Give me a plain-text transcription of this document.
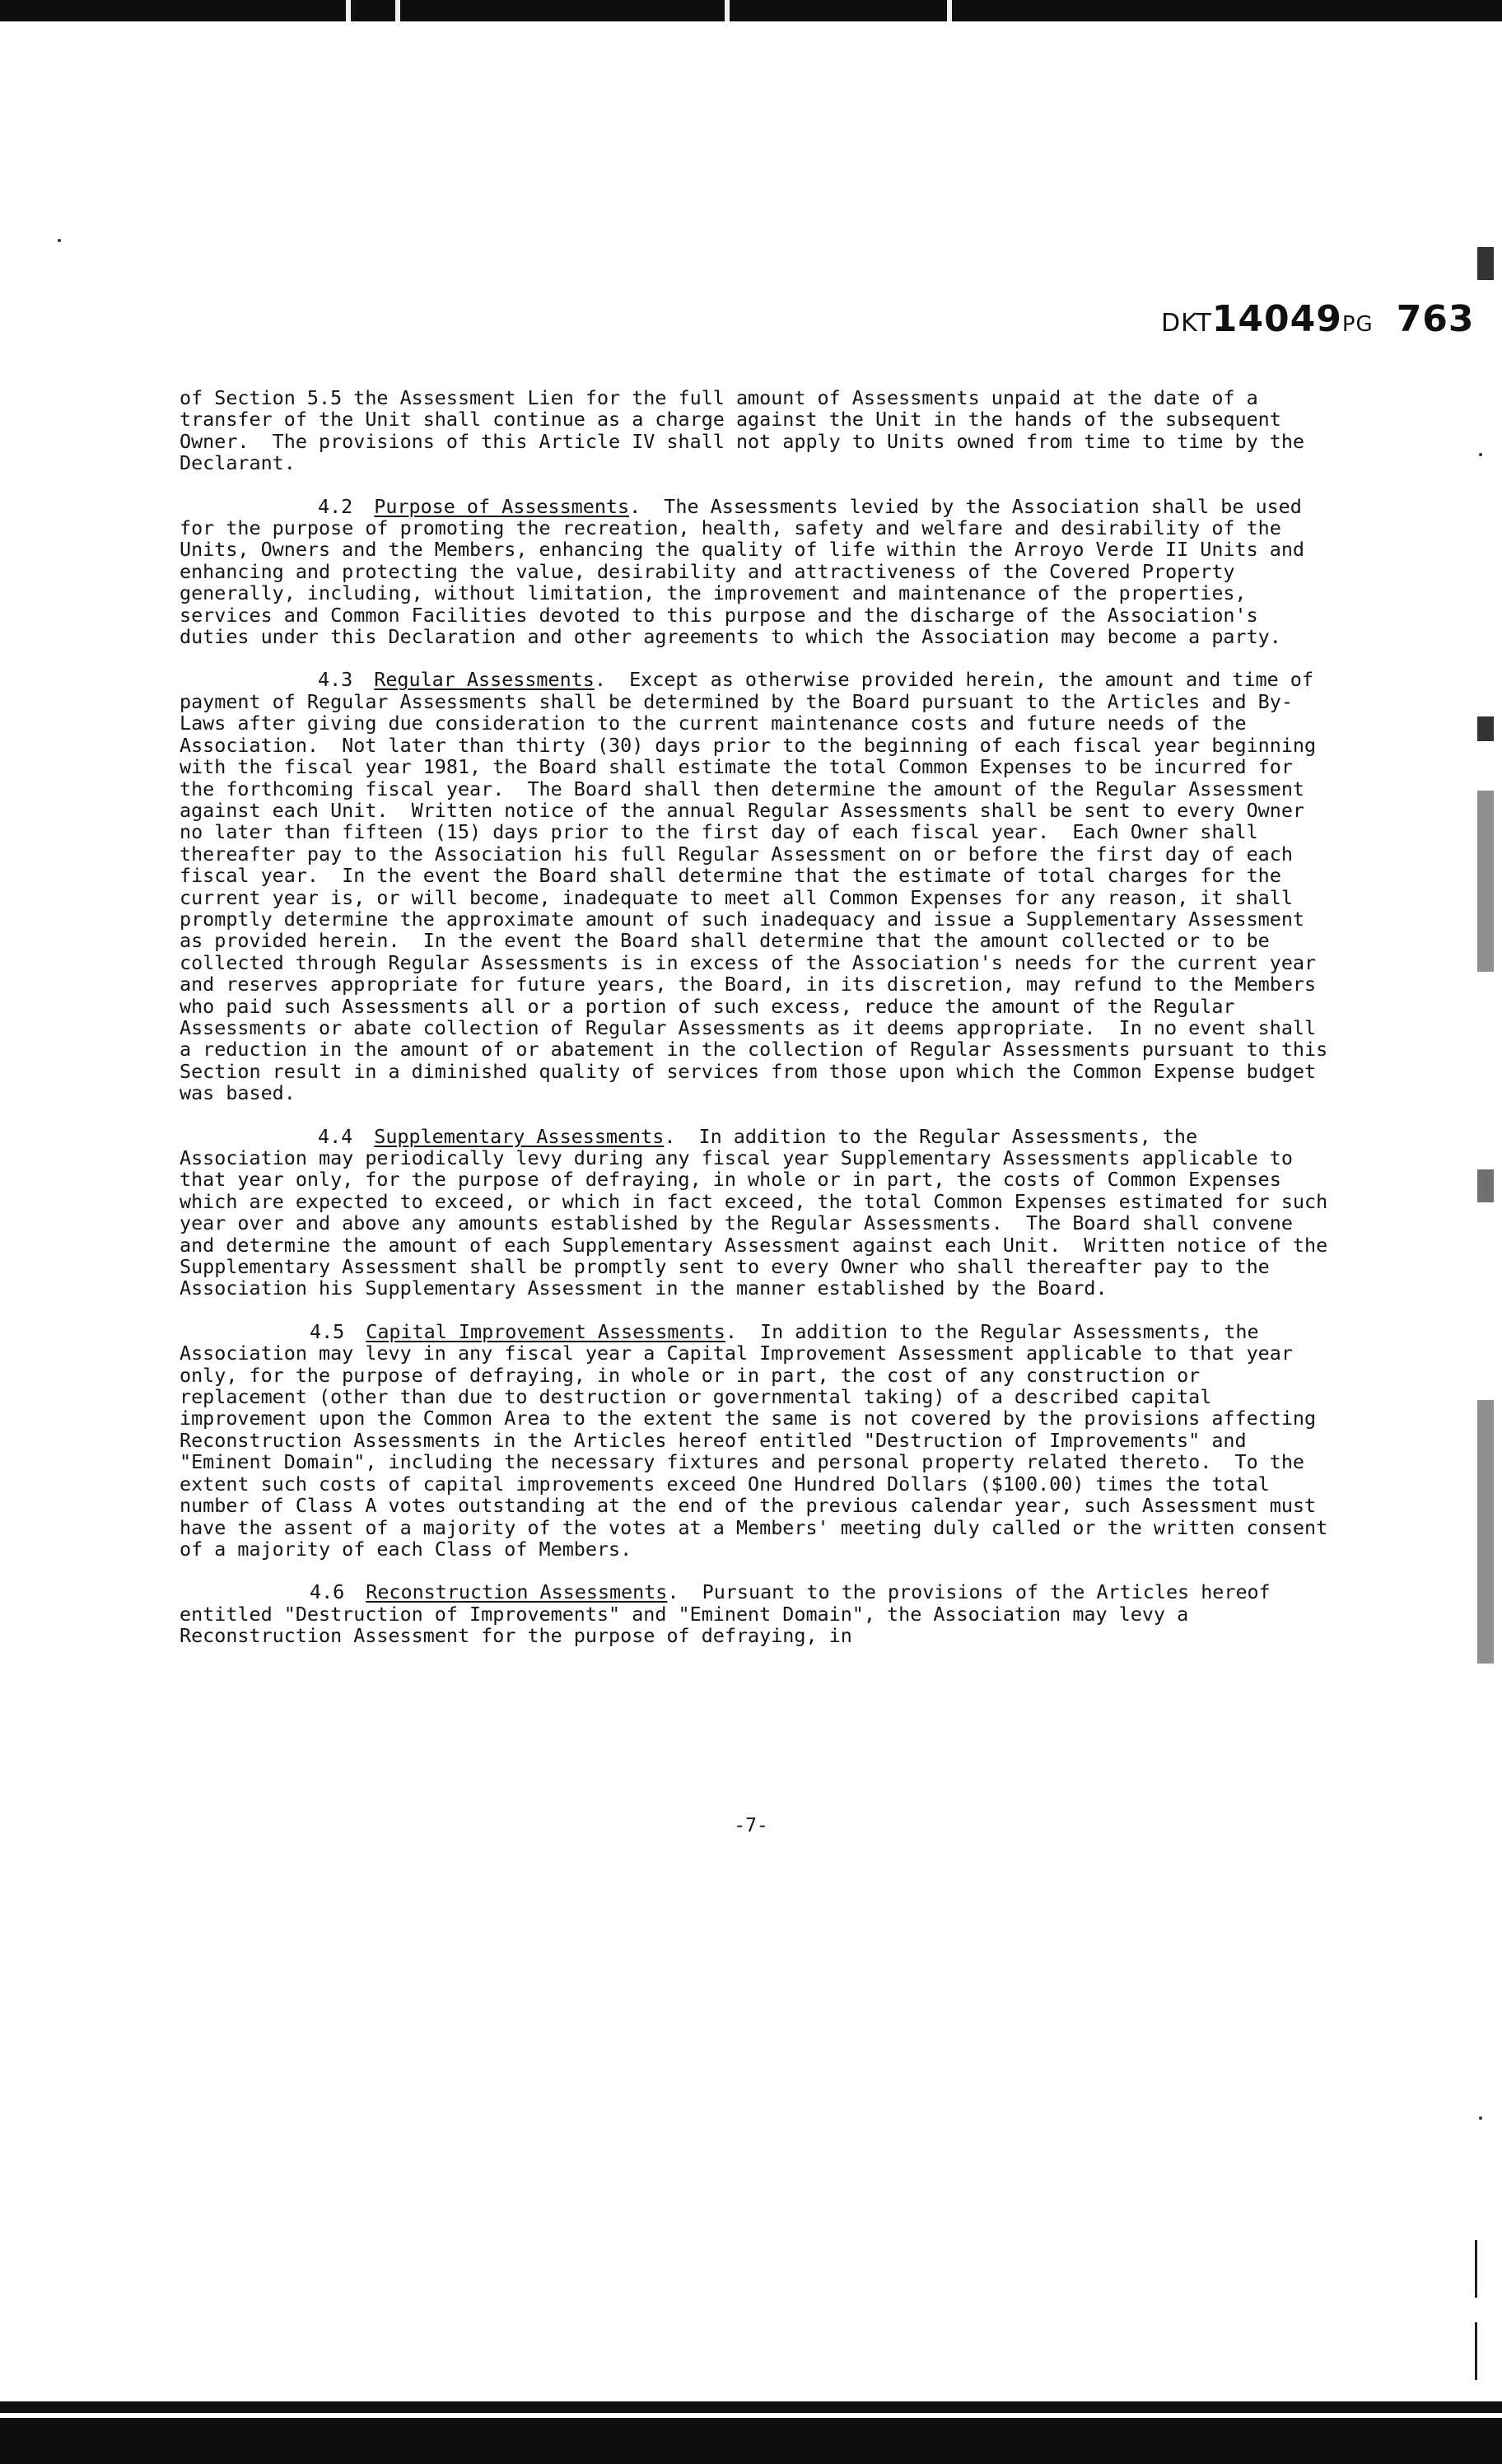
DKT14049PG 763

of Section 5.5 the Assessment Lien for the full amount of Assessments unpaid at the date of a transfer of the Unit shall continue as a charge against the Unit in the hands of the subsequent Owner.  The provisions of this Article IV shall not apply to Units owned from time to time by the Declarant.

4.2 Purpose of Assessments.  The Assessments levied by the Association shall be used for the purpose of promoting the recreation, health, safety and welfare and desirability of the Units, Owners and the Members, enhancing the quality of life within the Arroyo Verde II Units and enhancing and protecting the value, desirability and attractiveness of the Covered Property generally, including, without limitation, the improvement and maintenance of the properties, services and Common Facilities devoted to this purpose and the discharge of the Association's duties under this Declaration and other agreements to which the Association may become a party.

4.3 Regular Assessments.  Except as otherwise provided herein, the amount and time of payment of Regular Assessments shall be determined by the Board pursuant to the Articles and By-Laws after giving due consideration to the current maintenance costs and future needs of the Association.  Not later than thirty (30) days prior to the beginning of each fiscal year beginning with the fiscal year 1981, the Board shall estimate the total Common Expenses to be incurred for the forthcoming fiscal year.  The Board shall then determine the amount of the Regular Assessment against each Unit.  Written notice of the annual Regular Assessments shall be sent to every Owner no later than fifteen (15) days prior to the first day of each fiscal year.  Each Owner shall thereafter pay to the Association his full Regular Assessment on or before the first day of each fiscal year.  In the event the Board shall determine that the estimate of total charges for the current year is, or will become, inadequate to meet all Common Expenses for any reason, it shall promptly determine the approximate amount of such inadequacy and issue a Supplementary Assessment as provided herein.  In the event the Board shall determine that the amount collected or to be collected through Regular Assessments is in excess of the Association's needs for the current year and reserves appropriate for future years, the Board, in its discretion, may refund to the Members who paid such Assessments all or a portion of such excess, reduce the amount of the Regular Assessments or abate collection of Regular Assessments as it deems appropriate.  In no event shall a reduction in the amount of or abatement in the collection of Regular Assessments pursuant to this Section result in a diminished quality of services from those upon which the Common Expense budget was based.

4.4 Supplementary Assessments.  In addition to the Regular Assessments, the Association may periodically levy during any fiscal year Supplementary Assessments applicable to that year only, for the purpose of defraying, in whole or in part, the costs of Common Expenses which are expected to exceed, or which in fact exceed, the total Common Expenses estimated for such year over and above any amounts established by the Regular Assessments.  The Board shall convene and determine the amount of each Supplementary Assessment against each Unit.  Written notice of the Supplementary Assessment shall be promptly sent to every Owner who shall thereafter pay to the Association his Supplementary Assessment in the manner established by the Board.

4.5 Capital Improvement Assessments.  In addition to the Regular Assessments, the Association may levy in any fiscal year a Capital Improvement Assessment applicable to that year only, for the purpose of defraying, in whole or in part, the cost of any construction or replacement (other than due to destruction or governmental taking) of a described capital improvement upon the Common Area to the extent the same is not covered by the provisions affecting Reconstruction Assessments in the Articles hereof entitled "Destruction of Improvements" and "Eminent Domain", including the necessary fixtures and personal property related thereto.  To the extent such costs of capital improvements exceed One Hundred Dollars ($100.00) times the total number of Class A votes outstanding at the end of the previous calendar year, such Assessment must have the assent of a majority of the votes at a Members' meeting duly called or the written consent of a majority of each Class of Members.

4.6 Reconstruction Assessments.  Pursuant to the provisions of the Articles hereof entitled "Destruction of Improvements" and "Eminent Domain", the Association may levy a Reconstruction Assessment for the purpose of defraying, in

-7-
